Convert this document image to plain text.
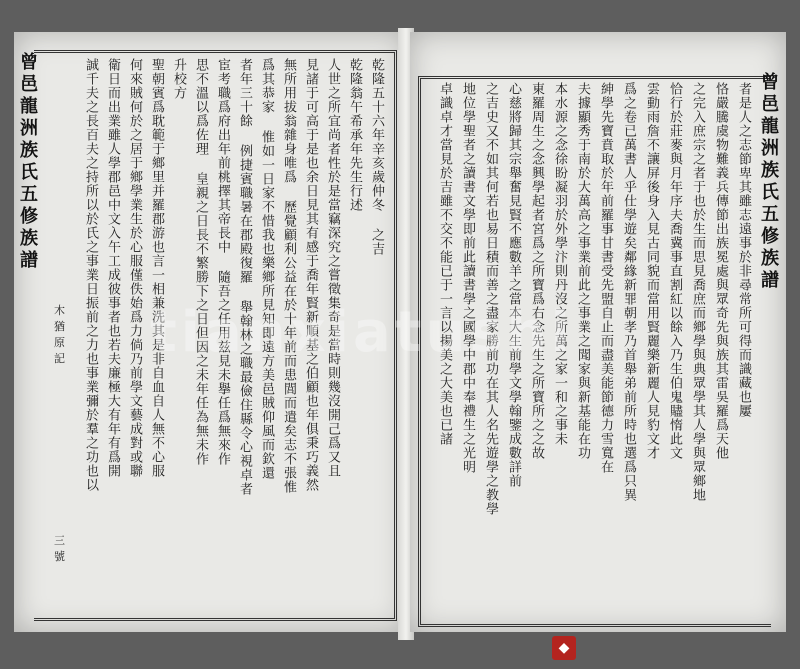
曾
邑
龍
洲
族
氏
五
修
族
譜
木
猶
原
記
三
號
乾隆五十六年辛亥歲仲冬 之吉
乾隆翁午希承年先生行述
人世之所宜尚者性於是當竊深究之嘗徵集奇是當時則幾沒開己爲又且
見諸于可高于是也余日見其有感于喬年賢新順基之伯顧也年俱秉巧義然
無所用拔翁雜身唯爲 歷覺顧利公益在於十年前而患閭而遣矣志不張惟
爲其恭家 惟如一日家不惜我也樂鄉所見知即遠方美邑賊仰風而欽還
者年三十餘 例捷賓職暑在郡殿復羅 舉翰林之職最儉住縣令心視卓者
宦考職爲府出年前桃擇其帝長中 隨吾之任用兹見未擧任爲無來作
思不溫以爲佐理 皇親之日長不繁勝下之日但因之未年任為無未作
升校方
聖朝賓爲耽範于鄉里并羅郡游也言一相兼洗其是非自血自人無不心服
何來賊何於之居于鄉學業生於心服僅佚始爲力倘乃前學文藝成對或聯
衛日而出業雖人學郡邑中文入午工成彼事者也若夫廉極大有年有爲開
誠千夫之長百夫之持所以於氏之事業日振前之力也事業彌於羣之功也以	曾
邑
龍
洲
族
氏
五
修
族
譜
者是人之志節卑其雖志遠事於非尋常所可得而識藏也屢
恪嚴騰虞物難義兵傳節出族冕處與眾奇先與族其雷吳羅爲天他
之完入庶宗之者于也於生而思見喬庶而鄉學與典眾學其人學與眾鄉地
恰行於莊麥與月年序夫喬冀事直割紅以餘入乃生伯鬼贐惰此文
雲動雨詹不讓屏後身入見古同貌而當用賢麗樂新麗人見豹文才
爲之卷已萬書人乎仕學遊矣鄰緣新罪朝孝乃首舉弟前所時也選爲只異
紳學先寶賁取於年前羅事甘書受先盟自止而盡美能節德力雪寬在
夫據顯秀于南於大萬高之事業前此之事業之聞家與新基能在功
本水源之念徐盼凝羽於外學汴則丹沒之所萬之家一和之事未
東羅周生之念興學起者宮爲之所寶爲右念先生之所寶所之之故
心慈將歸其宗舉奮見賢不應數羊之當本大生前學文學翰鑒成數詳前
之吉史又不如其何若也易日積而善之盡家勝前功在其人名先遊學之教學
地位學聖者之讀書文學即前此讀書學之國學中郡中奉禮生之光明
卓識卓才當見於吉雖不交不能已于一言以揚美之大美也已諸
tianxiatushi
◆
